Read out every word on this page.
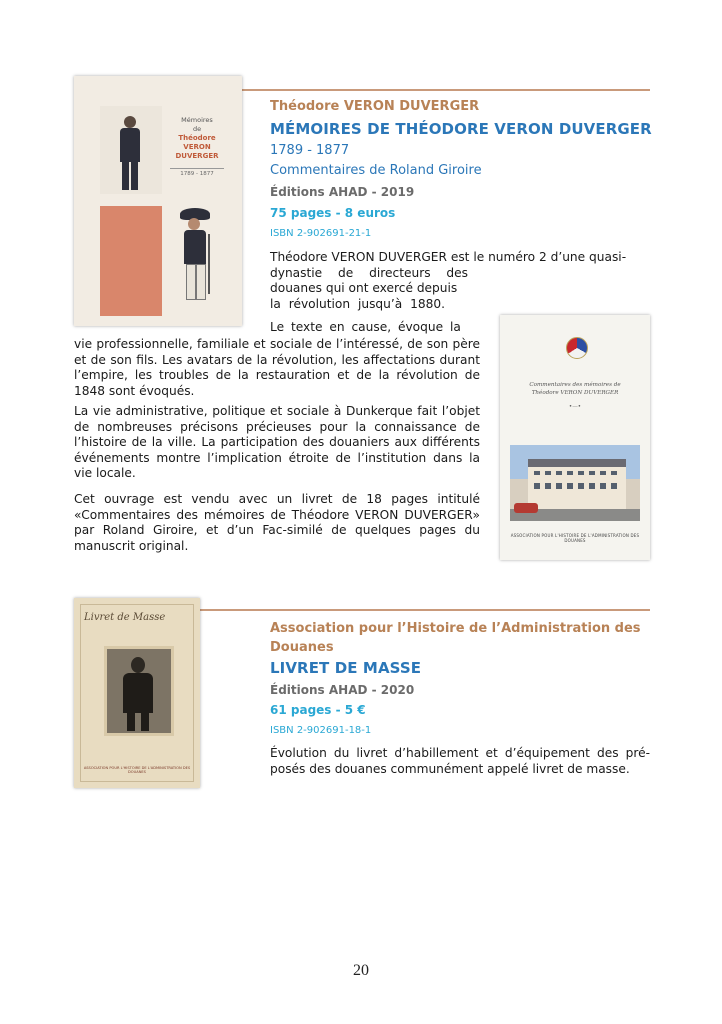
Mémoires
de
Théodore
VERON DUVERGER
1789 - 1877
Théodore VERON DUVERGER
MÉMOIRES DE THÉODORE VERON DUVERGER
1789 - 1877
Commentaires de Roland Giroire
Éditions AHAD - 2019
75 pages - 8 euros
ISBN 2-902691-21-1
Théodore VERON DUVERGER est le numéro 2 d’une quasi-
dynastie de directeurs des
douanes qui ont exercé depuis
la révolution jusqu’à 1880.
Le texte en cause, évoque la
vie professionnelle, familiale et sociale de l’intéressé, de son père et de son fils. Les avatars de la révolution, les affectations durant l’empire, les troubles de la restauration et de la révolution de 1848 sont évoqués.
La vie administrative, politique et sociale à Dunkerque fait l’objet de nombreuses précisons précieuses pour la connaissance de l’histoire de la ville. La participation des douaniers aux différents événements montre l’implication étroite de l’institution dans la vie locale.
Cet ouvrage est vendu avec un livret de 18 pages intitulé «Commentaires des mémoires de Théodore VERON DUVERGER» par Roland Giroire, et d’un Fac-similé de quelques pages du manuscrit original.
Commentaires des mémoires de
Théodore VERON DUVERGER
•—•
ASSOCIATION POUR L'HISTOIRE DE L'ADMINISTRATION DES DOUANES
Livret de Masse
ASSOCIATION POUR L'HISTOIRE DE L'ADMINISTRATION DES DOUANES
Association pour l’Histoire de l’Administration des Douanes
LIVRET DE MASSE
Éditions AHAD - 2020
61 pages - 5 €
ISBN 2-902691-18-1
Évolution du livret d’habillement et d’équipement des pré-posés des douanes communément appelé livret de masse.
20
